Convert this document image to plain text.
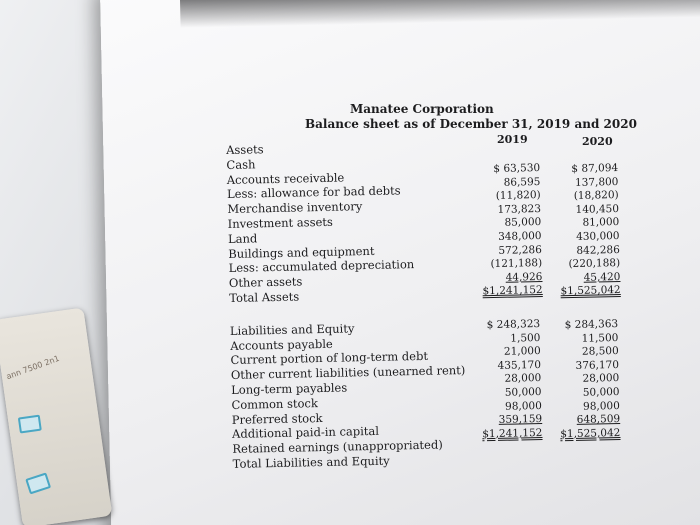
ann 7500 2n1
Manatee Corporation
Balance sheet as of December 31, 2019 and 2020
2019	2020
Assets
Cash
Accounts receivable
Less: allowance for bad debts
Merchandise inventory
Investment assets
Land
Buildings and equipment
Less: accumulated depreciation
Other assets
Total Assets
Liabilities and Equity
Accounts payable
Current portion of long-term debt
Other current liabilities (unearned rent)
Long-term payables
Common stock
Preferred stock
Additional paid-in capital
Retained earnings (unappropriated)
Total Liabilities and Equity
$ 63,530
86,595
(11,820)
173,823
85,000
348,000
572,286
(121,188)
44,926
$1,241,152
$ 87,094
137,800
(18,820)
140,450
81,000
430,000
842,286
(220,188)
45,420
$1,525,042
$ 248,323
1,500
21,000
435,170
28,000
50,000
98,000
359,159
$1,241,152
$ 284,363
11,500
28,500
376,170
28,000
50,000
98,000
648,509
$1,525,042
